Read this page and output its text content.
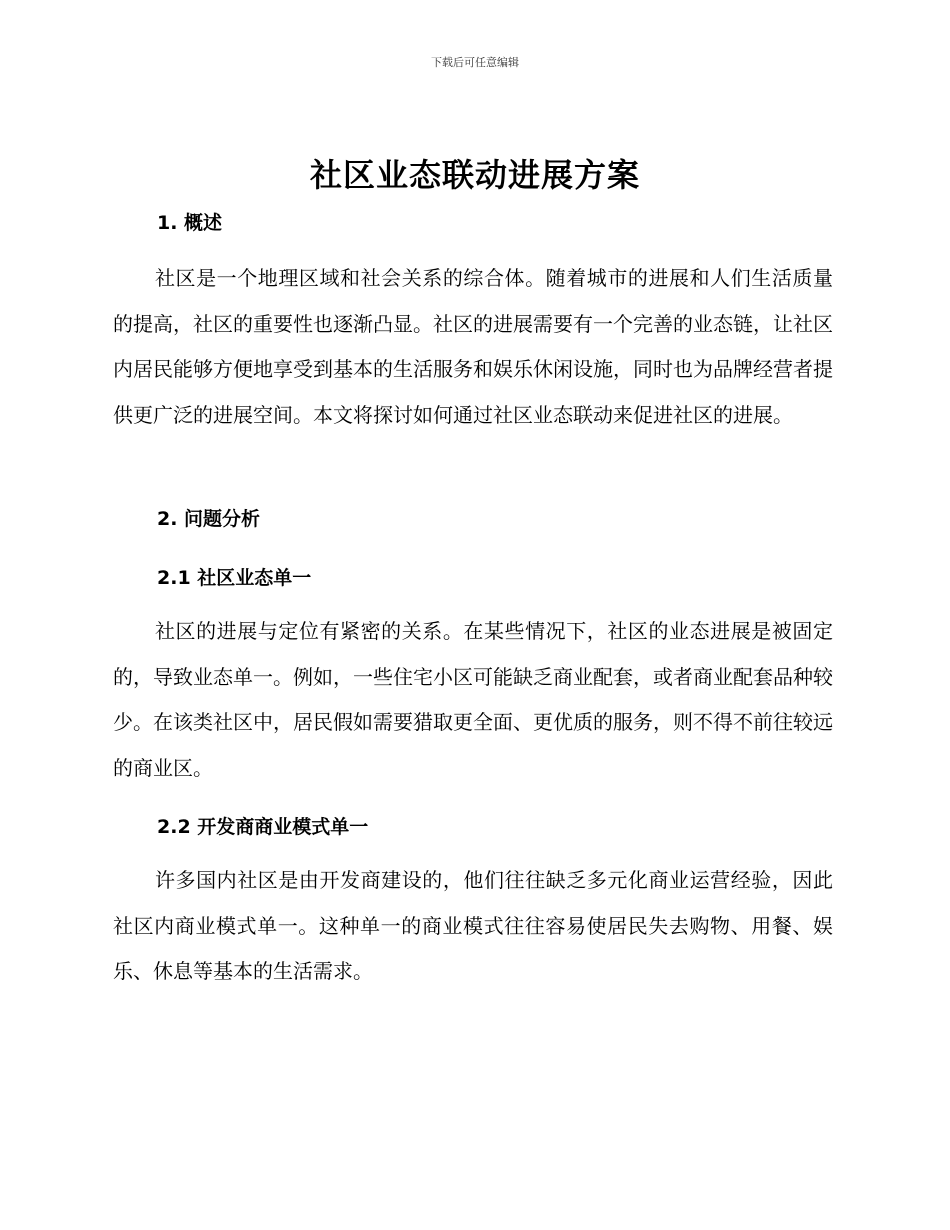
下载后可任意编辑
社区业态联动进展方案
1. 概述

社区是一个地理区域和社会关系的综合体。随着城市的进展和人们生活质量的提高，社区的重要性也逐渐凸显。社区的进展需要有一个完善的业态链，让社区内居民能够方便地享受到基本的生活服务和娱乐休闲设施，同时也为品牌经营者提供更广泛的进展空间。本文将探讨如何通过社区业态联动来促进社区的进展。

2. 问题分析
2.1 社区业态单一

社区的进展与定位有紧密的关系。在某些情况下，社区的业态进展是被固定的，导致业态单一。例如，一些住宅小区可能缺乏商业配套，或者商业配套品种较少。在该类社区中，居民假如需要猎取更全面、更优质的服务，则不得不前往较远的商业区。

2.2 开发商商业模式单一

许多国内社区是由开发商建设的，他们往往缺乏多元化商业运营经验，因此社区内商业模式单一。这种单一的商业模式往往容易使居民失去购物、用餐、娱乐、休息等基本的生活需求。
